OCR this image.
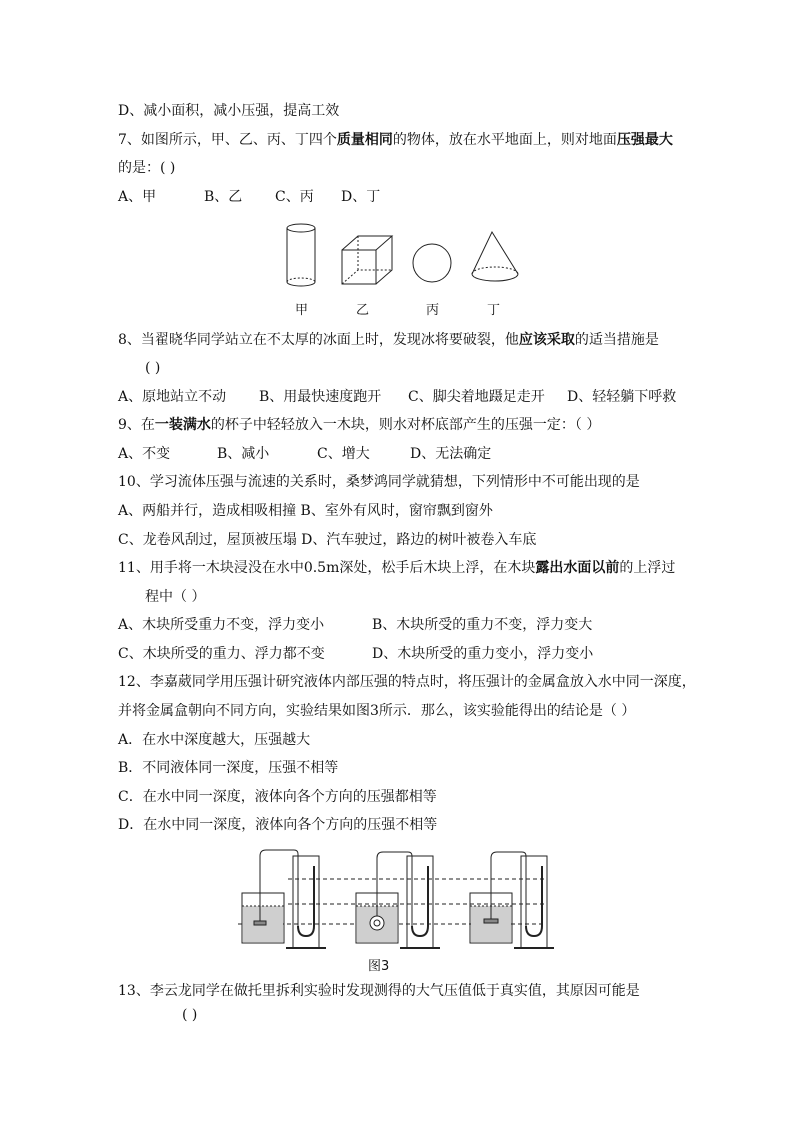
D、减小面积，减小压强，提高工效
7、如图所示，甲、乙、丙、丁四个质量相同的物体，放在水平地面上，则对地面压强最大
的是：( )
A、甲	B、乙 C、丙 D、丁
甲	乙	丙	丁
8、当翟晓华同学站立在不太厚的冰面上时，发现冰将要破裂，他应该采取的适当措施是
( )
A、原地站立不动 B、用最快速度跑开 C、脚尖着地蹑足走开 D、轻轻躺下呼救
9、在一装满水的杯子中轻轻放入一木块，则水对杯底部产生的压强一定：（ ）
A、不变	B、减小	C、增大	D、无法确定
10、学习流体压强与流速的关系时，桑梦鸿同学就猜想，下列情形中不可能出现的是
A、两船并行，造成相吸相撞 B、室外有风时，窗帘飘到窗外
C、龙卷风刮过，屋顶被压塌 D、汽车驶过，路边的树叶被卷入车底
11、用手将一木块浸没在水中0.5m深处，松手后木块上浮，在木块露出水面以前的上浮过
程中（ ）
A、木块所受重力不变，浮力变小	B、木块所受的重力不变，浮力变大
C、木块所受的重力、浮力都不变	D、木块所受的重力变小，浮力变小
12、李嘉葳同学用压强计研究液体内部压强的特点时，将压强计的金属盒放入水中同一深度，
并将金属盒朝向不同方向，实验结果如图3所示．那么，该实验能得出的结论是（ ）
A．在水中深度越大，压强越大
B．不同液体同一深度，压强不相等
C．在水中同一深度，液体向各个方向的压强都相等
D．在水中同一深度，液体向各个方向的压强不相等
图3
13、李云龙同学在做托里拆利实验时发现测得的大气压值低于真实值，其原因可能是
( )
